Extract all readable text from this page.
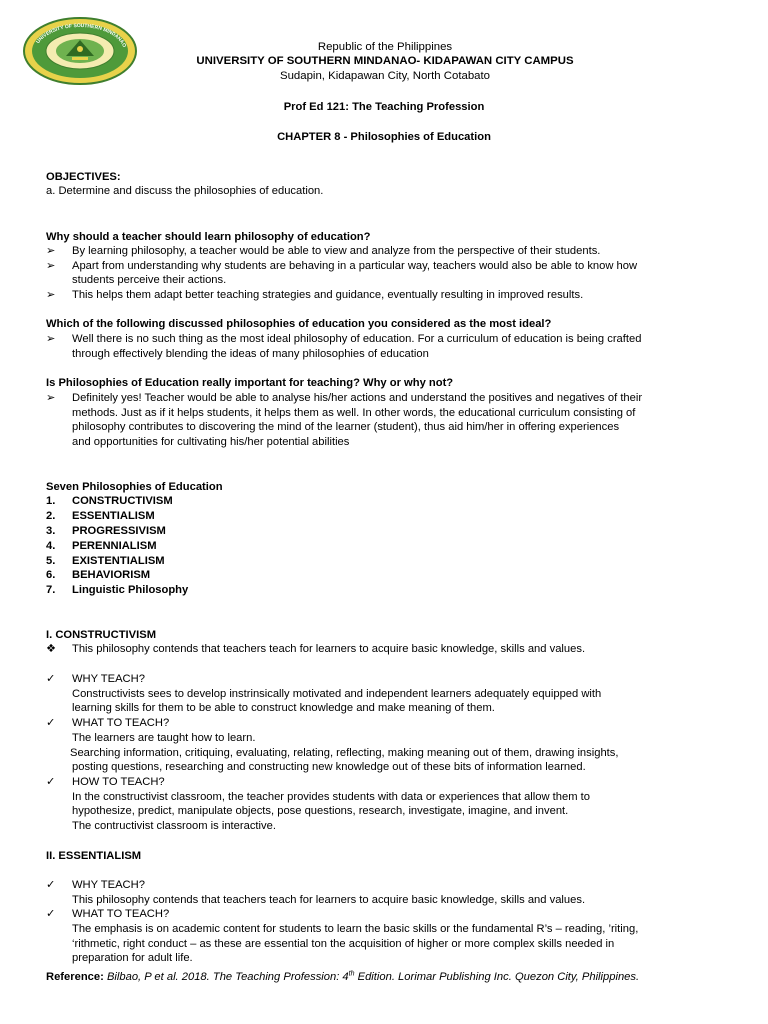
UNIVERSITY OF SOUTHERN MINDANAO	Republic of the Philippines
UNIVERSITY OF SOUTHERN MINDANAO- KIDAPAWAN CITY CAMPUS
Sudapin, Kidapawan City, North Cotabato
Prof Ed 121: The Teaching Profession
CHAPTER 8 - Philosophies of Education
OBJECTIVES:
a. Determine and discuss the philosophies of education.
Why should a teacher should learn philosophy of education?
➢	By learning philosophy, a teacher would be able to view and analyze from the perspective of their students.
➢	Apart from understanding why students are behaving in a particular way, teachers would also be able to know how
students perceive their actions.
➢	This helps them adapt better teaching strategies and guidance, eventually resulting in improved results.
Which of the following discussed philosophies of education you considered as the most ideal?
➢	Well there is no such thing as the most ideal philosophy of education. For a curriculum of education is being crafted
through effectively blending the ideas of many philosophies of education
Is Philosophies of Education really important for teaching? Why or why not?
➢	Definitely yes! Teacher would be able to analyse his/her actions and understand the positives and negatives of their
methods. Just as if it helps students, it helps them as well. In other words, the educational curriculum consisting of
philosophy contributes to discovering the mind of the learner (student), thus aid him/her in offering experiences
and opportunities for cultivating his/her potential abilities
Seven Philosophies of Education
1.	CONSTRUCTIVISM
2.	ESSENTIALISM
3.	PROGRESSIVISM
4.	PERENNIALISM
5.	EXISTENTIALISM
6.	BEHAVIORISM
7.	Linguistic Philosophy
I. CONSTRUCTIVISM
❖	This philosophy contends that teachers teach for learners to acquire basic knowledge, skills and values.
✓	WHY TEACH?
Constructivists sees to develop instrinsically motivated and independent learners adequately equipped with
learning skills for them to be able to construct knowledge and make meaning of them.
✓	WHAT TO TEACH?
The learners are taught how to learn.
Searching information, critiquing, evaluating, relating, reflecting, making meaning out of them, drawing insights,
posting questions, researching and constructing new knowledge out of these bits of information learned.
✓	HOW TO TEACH?
In the constructivist classroom, the teacher provides students with data or experiences that allow them to
hypothesize, predict, manipulate objects, pose questions, research, investigate, imagine, and invent.
The contructivist classroom is interactive.
II. ESSENTIALISM
✓	WHY TEACH?
This philosophy contends that teachers teach for learners to acquire basic knowledge, skills and values.
✓	WHAT TO TEACH?
The emphasis is on academic content for students to learn the basic skills or the fundamental R’s – reading, ’riting,
‘rithmetic, right conduct – as these are essential ton the acquisition of higher or more complex skills needed in
preparation for adult life.
Reference: Bilbao, P et al. 2018. The Teaching Profession: 4th Edition. Lorimar Publishing Inc. Quezon City, Philippines.
